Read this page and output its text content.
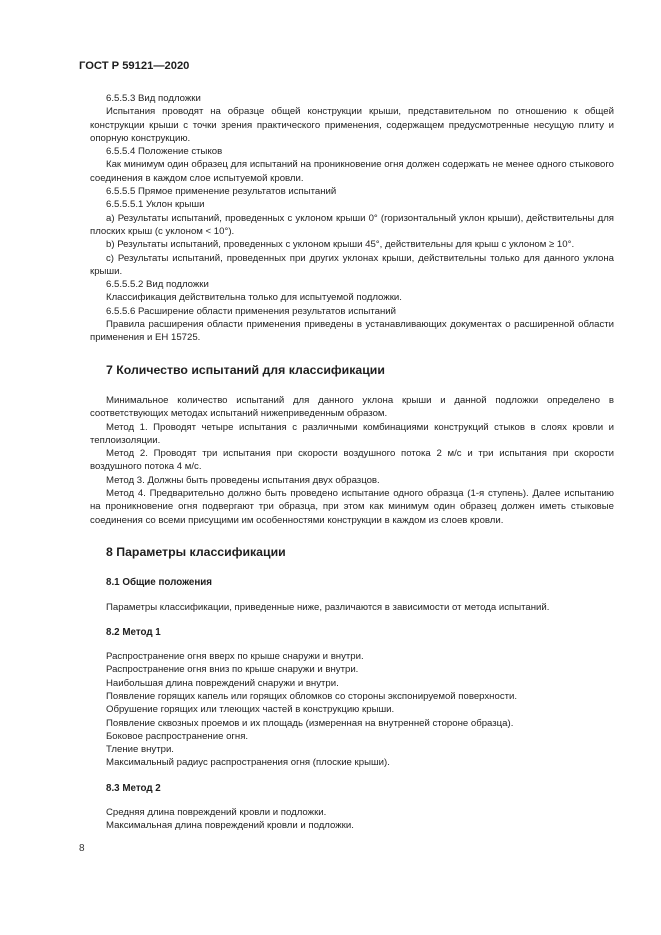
ГОСТ Р 59121—2020

6.5.5.3 Вид подложки

Испытания проводят на образце общей конструкции крыши, представительном по отношению к общей конструкции крыши с точки зрения практического применения, содержащем предусмотренные несущую плиту и опорную конструкцию.

6.5.5.4 Положение стыков

Как минимум один образец для испытаний на проникновение огня должен содержать не менее одного стыкового соединения в каждом слое испытуемой кровли.

6.5.5.5 Прямое применение результатов испытаний

6.5.5.5.1 Уклон крыши

а) Результаты испытаний, проведенных с уклоном крыши 0° (горизонтальный уклон крыши), действительны для плоских крыш (с уклоном < 10°).

b) Результаты испытаний, проведенных с уклоном крыши 45°, действительны для крыш с уклоном ≥ 10°.

с) Результаты испытаний, проведенных при других уклонах крыши, действительны только для данного уклона крыши.

6.5.5.5.2 Вид подложки

Классификация действительна только для испытуемой подложки.

6.5.5.6 Расширение области применения результатов испытаний

Правила расширения области применения приведены в устанавливающих документах о расширенной области применения и ЕН 15725.

7 Количество испытаний для классификации

Минимальное количество испытаний для данного уклона крыши и данной подложки определено в соответствующих методах испытаний нижеприведенным образом.

Метод 1. Проводят четыре испытания с различными комбинациями конструкций стыков в слоях кровли и теплоизоляции.

Метод 2. Проводят три испытания при скорости воздушного потока 2 м/с и три испытания при скорости воздушного потока 4 м/с.

Метод 3. Должны быть проведены испытания двух образцов.

Метод 4. Предварительно должно быть проведено испытание одного образца (1-я ступень). Далее испытанию на проникновение огня подвергают три образца, при этом как минимум один образец должен иметь стыковые соединения со всеми присущими им особенностями конструкции в каждом из слоев кровли.

8 Параметры классификации
8.1 Общие положения

Параметры классификации, приведенные ниже, различаются в зависимости от метода испытаний.

8.2 Метод 1

Распространение огня вверх по крыше снаружи и внутри.

Распространение огня вниз по крыше снаружи и внутри.

Наибольшая длина повреждений снаружи и внутри.

Появление горящих капель или горящих обломков со стороны экспонируемой поверхности.

Обрушение горящих или тлеющих частей в конструкцию крыши.

Появление сквозных проемов и их площадь (измеренная на внутренней стороне образца).

Боковое распространение огня.

Тление внутри.

Максимальный радиус распространения огня (плоские крыши).

8.3 Метод 2

Средняя длина повреждений кровли и подложки.

Максимальная длина повреждений кровли и подложки.

8
